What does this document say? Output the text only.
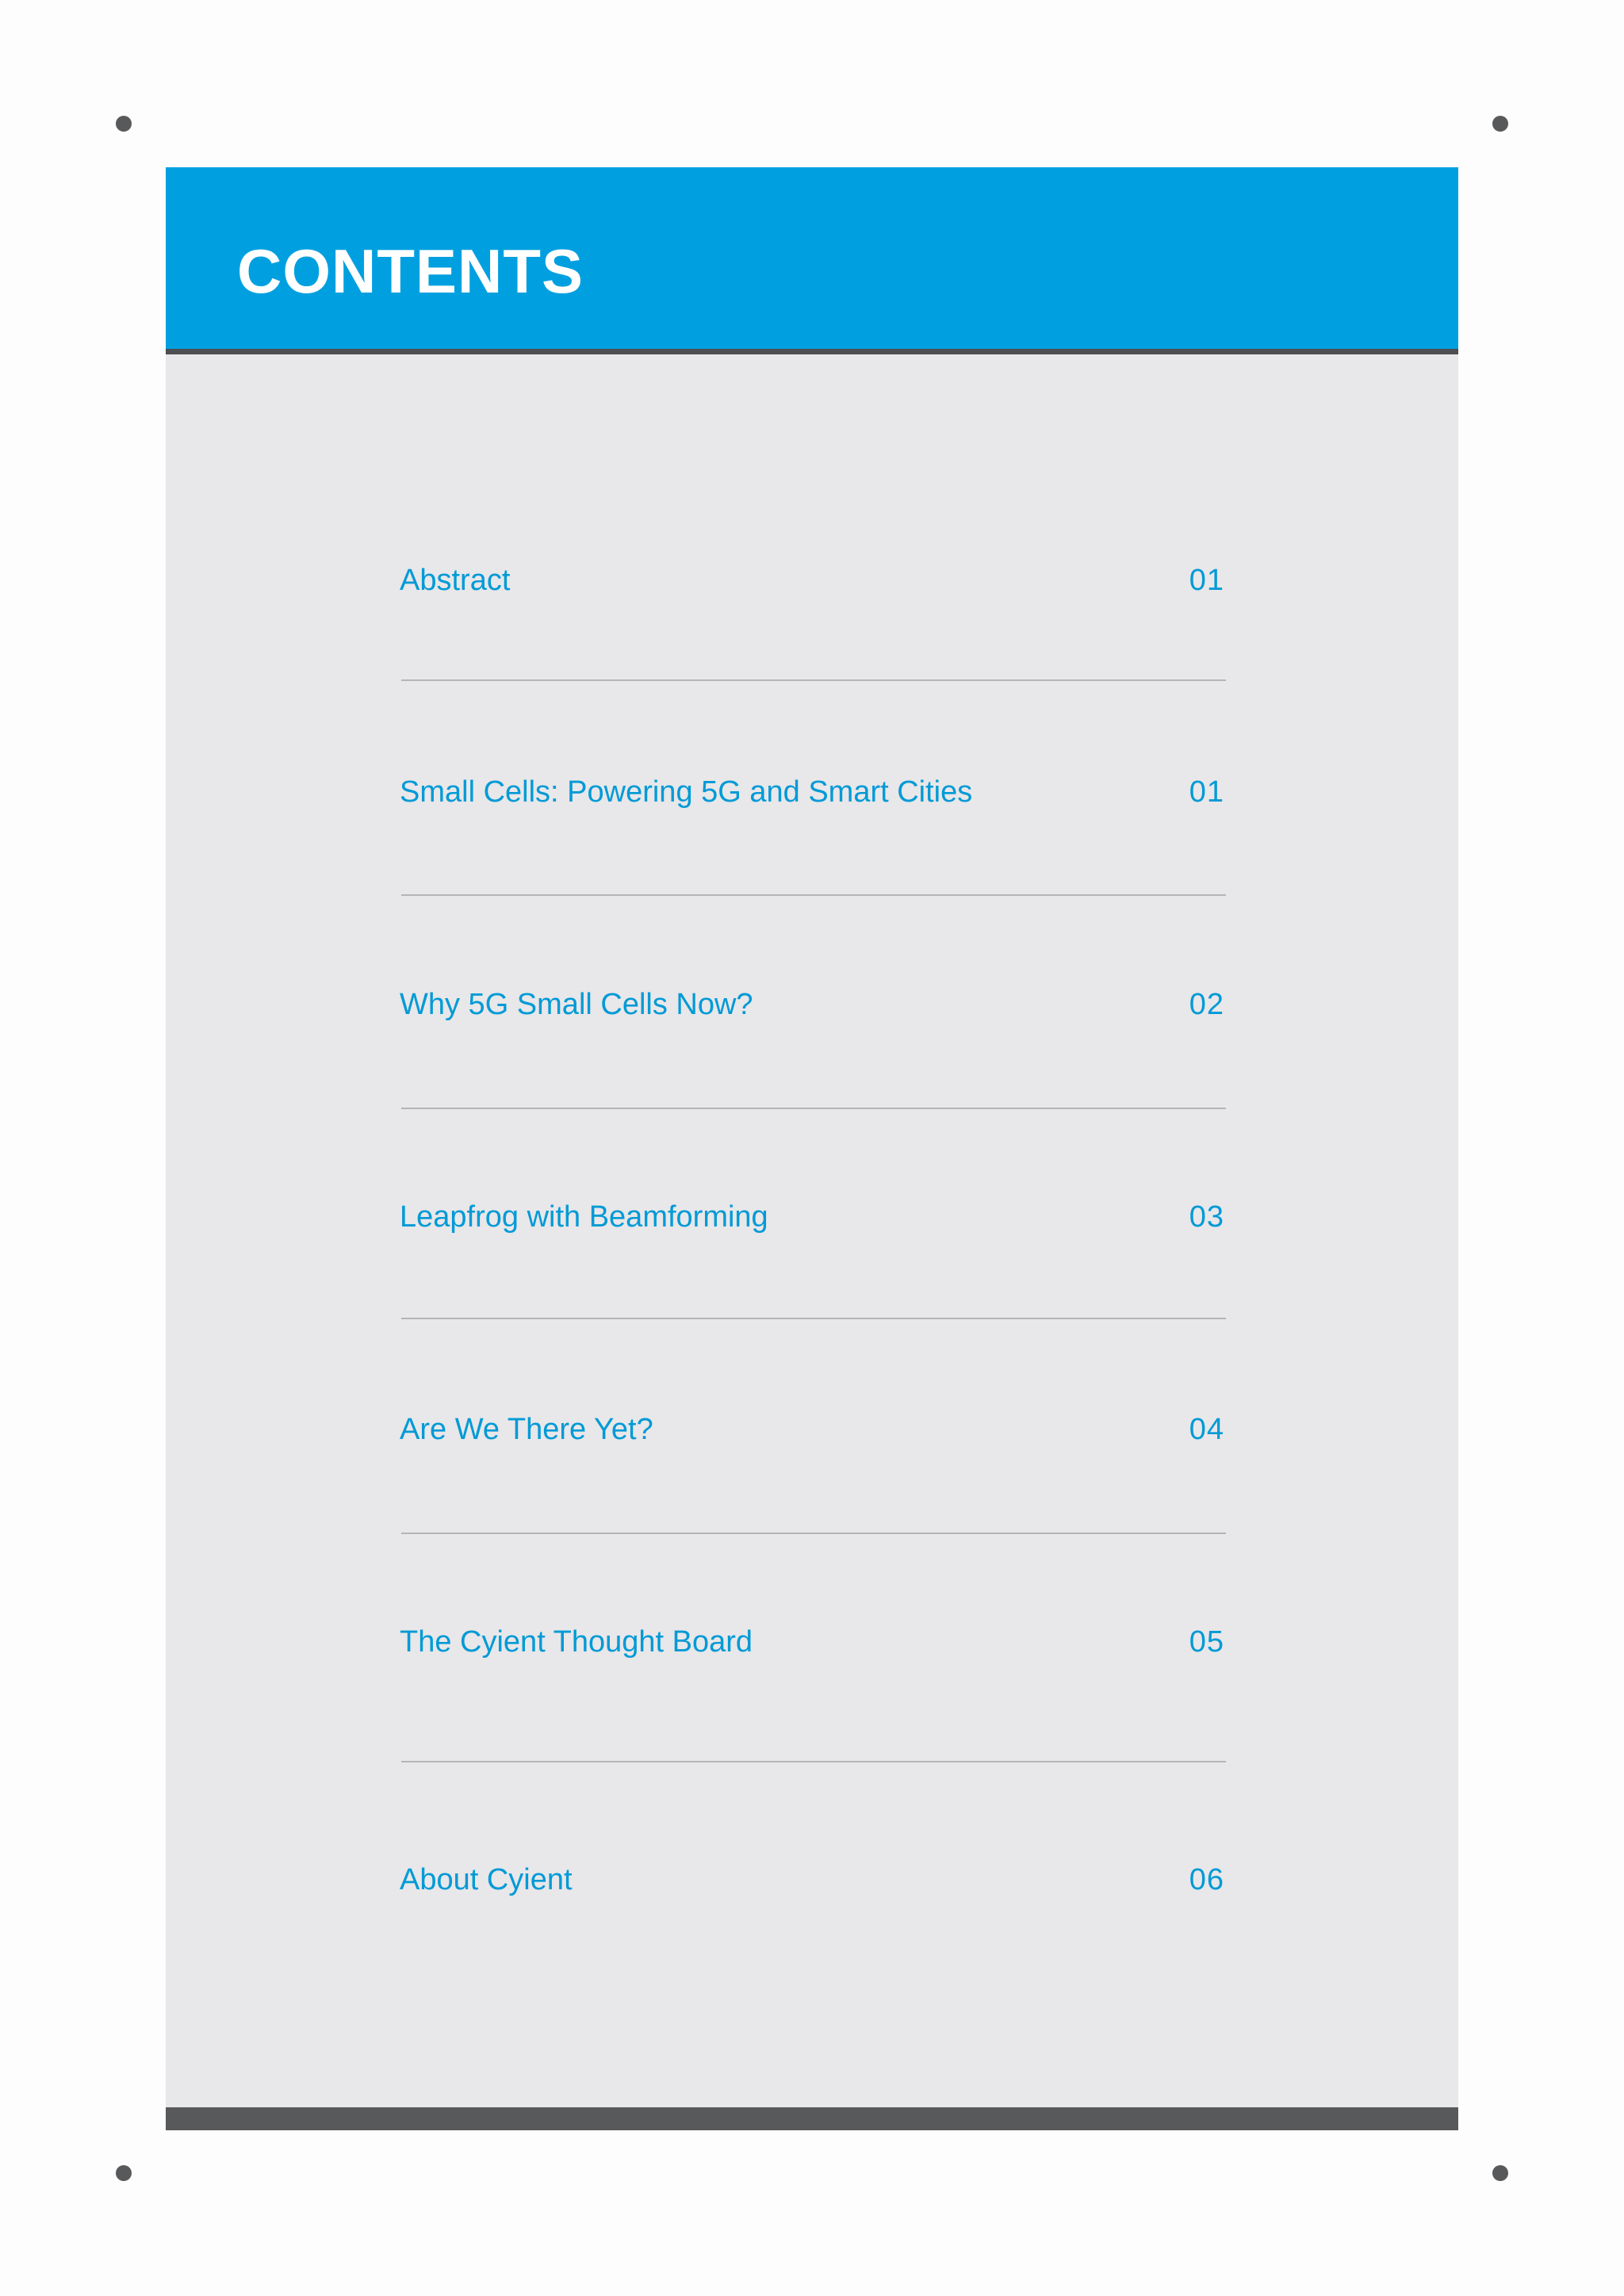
CONTENTS
Abstract	01
Small Cells: Powering 5G and Smart Cities	01
Why 5G Small Cells Now?	02
Leapfrog with Beamforming	03
Are We There Yet?	04
The Cyient Thought Board	05
About Cyient	06
